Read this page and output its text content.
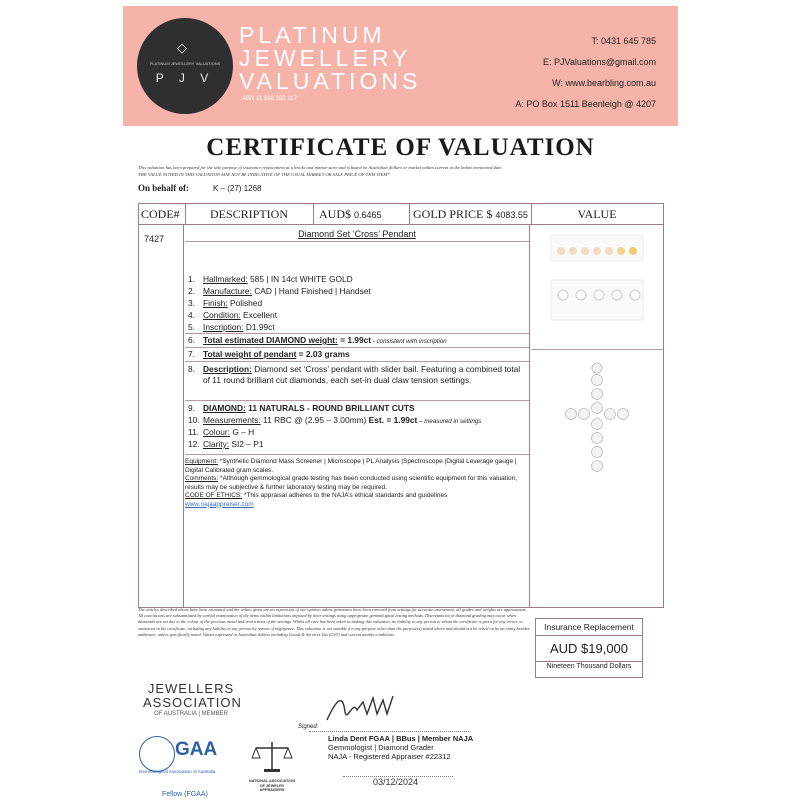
◇
PLATINUM JEWELLERY VALUATIONS
P J V
PLATINUM
JEWELLERY
VALUATIONS
ABN 11 588 192 117
T: 0431 645 785
E: PJValuations@gmail.com
W: www.bearbling.com.au
A: PO Box 1511 Beenleigh @ 4207
CERTIFICATE OF VALUATION
This valuation has been prepared for the sole purpose of insurance replacement at a bricks and mortar store and is based on Australian dollars or market values current at the below mentioned date.
THE VALUE NOTED IN THIS VALUATION MAY NOT BE INDICATIVE OF THE USUAL MARKET OR SALE PRICE OF THIS ITEM*
On behalf of:	K – (27) 1268
CODE#	DESCRIPTION	AUD$ 0.6465	GOLD PRICE $ 4083.55	VALUE
7427	Diamond Set ‘Cross’ Pendant
1. Hallmarked: 585 | IN 14ct WHITE GOLD
2. Manufacture: CAD | Hand Finished | Handset
3. Finish: Polished
4. Condition: Excellent
5. Inscription: D1.99ct
6. Total estimated DIAMOND weight: = 1.99ct - consistent with inscription
7. Total weight of pendant = 2.03 grams
8. Description: Diamond set ‘Cross’ pendant with slider bail. Featuring a combined total of 11 round brilliant cut diamonds, each set-in dual claw tension settings.
9. DIAMOND: 11 NATURALS - ROUND BRILLIANT CUTS
10. Measurements: 11 RBC @ (2.95 – 3.00mm) Est. = 1.99ct – measured in settings
11. Colour: G – H
12. Clarity: SI2 – P1
Equipment: *Synthetic Diamond Mass Screener | Microscope | PL Analysis |Spectroscope |Digital Leverage gauge | Digital Calibrated gram scales.
Comments: *Although gemmological grade testing has been conducted using scientific equipment for this valuation, results may be subjective & further laboratory testing may be required.
CODE OF ETHICS: *This appraisal adheres to the NAJA’s ethical standards and guidelines
www.najaappraiser.com
The articles described above have been examined and the values given are an expression of our opinion unless gemstones have been removed from settings for accurate assessment, all grades and weights are approximate. All conclusions are substantiated by careful examination of the items within limitations imposed by their settings using appropriate gemmological testing methods. Discrepancies in diamond grading may occur when diamonds are set due to the colour of the precious metal and restrictions of the settings. Whilst all care has been taken in making this valuation, no liability to any person to whom the certificate is given for any errors or omissions in the certificate, including any liability in any person by reason of negligence. This valuation is not suitable for any purpose other than the purpose(s) stated above and should not be relied on by an entity besides addressee, unless specifically noted. Values expressed in Australian dollars including Goods & Services Tax (GST) and current market conditions.
Insurance Replacement
AUD $19,000
Nineteen Thousand Dollars
JEWELLERS
ASSOCIATION
OF AUSTRALIA | MEMBER
Signed:
Linda Dent FGAA | BBus | Member NAJA
Gemmologist | Diamond Grader
NAJA - Registered Appraiser #22312
GAA
Gemmological Association of Australia
Fellow (FGAA)
NATIONAL ASSOCIATION OF JEWELRY APPRAISERS
03/12/2024
